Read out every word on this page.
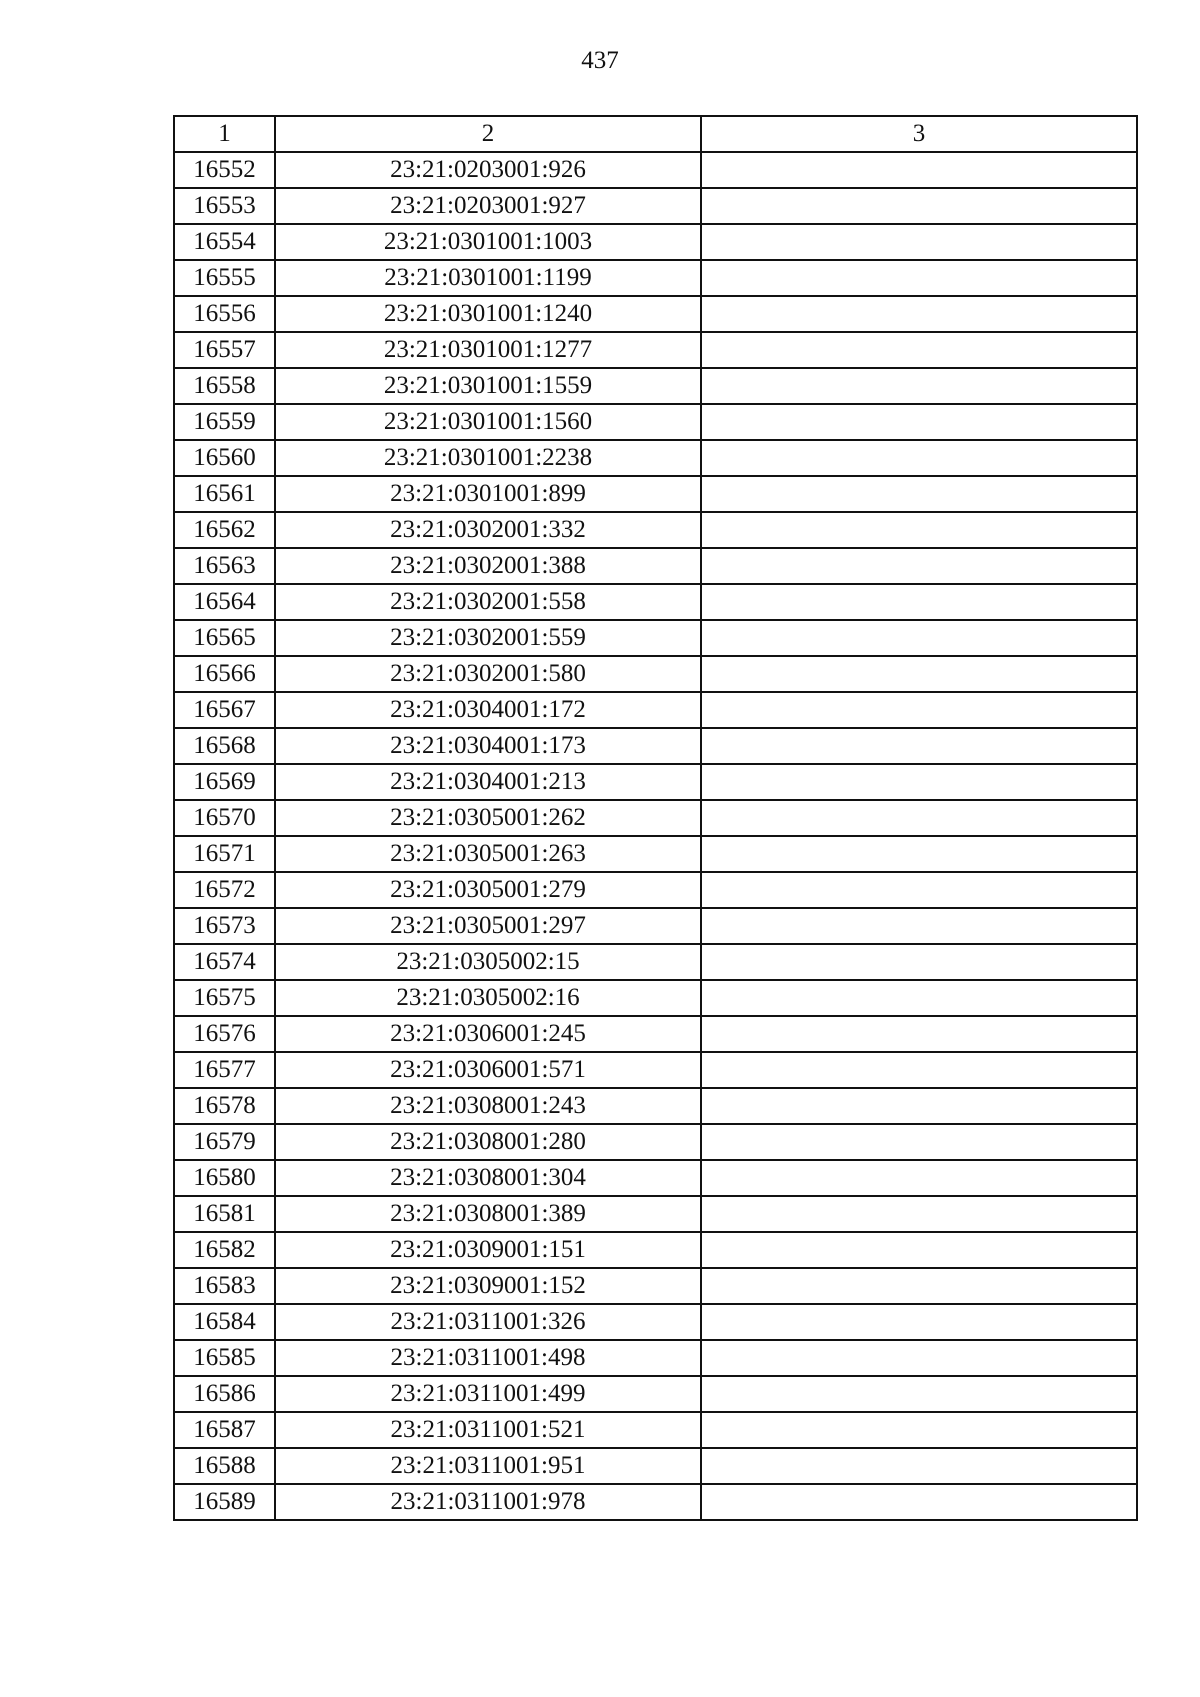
437
1	2	3
16552	23:21:0203001:926	
16553	23:21:0203001:927	
16554	23:21:0301001:1003	
16555	23:21:0301001:1199	
16556	23:21:0301001:1240	
16557	23:21:0301001:1277	
16558	23:21:0301001:1559	
16559	23:21:0301001:1560	
16560	23:21:0301001:2238	
16561	23:21:0301001:899	
16562	23:21:0302001:332	
16563	23:21:0302001:388	
16564	23:21:0302001:558	
16565	23:21:0302001:559	
16566	23:21:0302001:580	
16567	23:21:0304001:172	
16568	23:21:0304001:173	
16569	23:21:0304001:213	
16570	23:21:0305001:262	
16571	23:21:0305001:263	
16572	23:21:0305001:279	
16573	23:21:0305001:297	
16574	23:21:0305002:15	
16575	23:21:0305002:16	
16576	23:21:0306001:245	
16577	23:21:0306001:571	
16578	23:21:0308001:243	
16579	23:21:0308001:280	
16580	23:21:0308001:304	
16581	23:21:0308001:389	
16582	23:21:0309001:151	
16583	23:21:0309001:152	
16584	23:21:0311001:326	
16585	23:21:0311001:498	
16586	23:21:0311001:499	
16587	23:21:0311001:521	
16588	23:21:0311001:951	
16589	23:21:0311001:978	
